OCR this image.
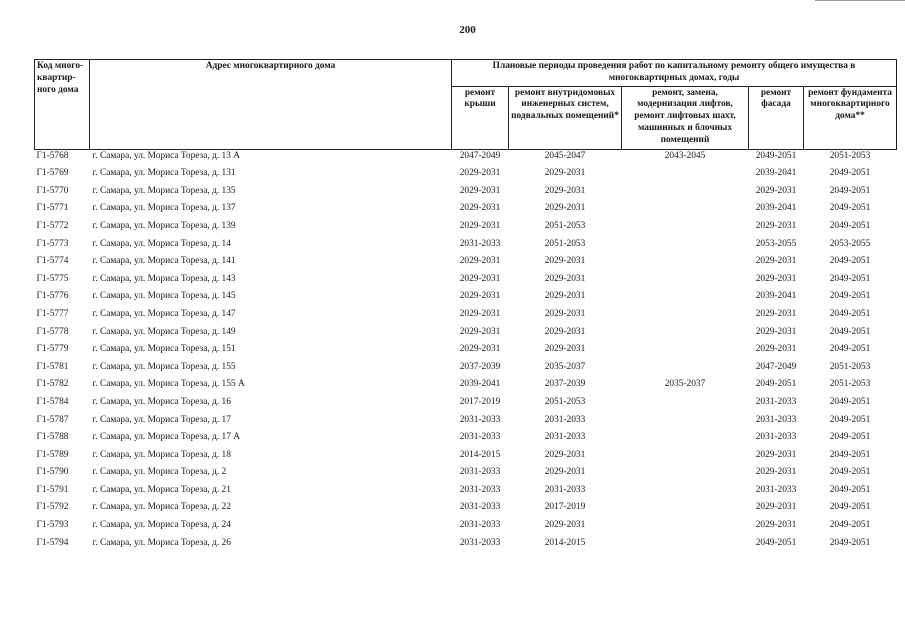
200
Код много-квартир-ного дома	Адрес многоквартирного дома	Плановые периоды проведения работ по капитальному ремонту общего имущества в многоквартирных домах, годы				
		ремонт крыши	ремонт внутридомовых инженерных систем, подвальных помещений*	ремонт, замена, модернизация лифтов, ремонт лифтовых шахт, машинных и блочных помещений	ремонт фасада	ремонт фундамента многоквартирного дома**
Г1-5768	г. Самара, ул. Мориса Тореза, д. 13 А	2047-2049	2045-2047	2043-2045	2049-2051	2051-2053
Г1-5769	г. Самара, ул. Мориса Тореза, д. 131	2029-2031	2029-2031		2039-2041	2049-2051
Г1-5770	г. Самара, ул. Мориса Тореза, д. 135	2029-2031	2029-2031		2029-2031	2049-2051
Г1-5771	г. Самара, ул. Мориса Тореза, д. 137	2029-2031	2029-2031		2039-2041	2049-2051
Г1-5772	г. Самара, ул. Мориса Тореза, д. 139	2029-2031	2051-2053		2029-2031	2049-2051
Г1-5773	г. Самара, ул. Мориса Тореза, д. 14	2031-2033	2051-2053		2053-2055	2053-2055
Г1-5774	г. Самара, ул. Мориса Тореза, д. 141	2029-2031	2029-2031		2029-2031	2049-2051
Г1-5775	г. Самара, ул. Мориса Тореза, д. 143	2029-2031	2029-2031		2029-2031	2049-2051
Г1-5776	г. Самара, ул. Мориса Тореза, д. 145	2029-2031	2029-2031		2039-2041	2049-2051
Г1-5777	г. Самара, ул. Мориса Тореза, д. 147	2029-2031	2029-2031		2029-2031	2049-2051
Г1-5778	г. Самара, ул. Мориса Тореза, д. 149	2029-2031	2029-2031		2029-2031	2049-2051
Г1-5779	г. Самара, ул. Мориса Тореза, д. 151	2029-2031	2029-2031		2029-2031	2049-2051
Г1-5781	г. Самара, ул. Мориса Тореза, д. 155	2037-2039	2035-2037		2047-2049	2051-2053
Г1-5782	г. Самара, ул. Мориса Тореза, д. 155 А	2039-2041	2037-2039	2035-2037	2049-2051	2051-2053
Г1-5784	г. Самара, ул. Мориса Тореза, д. 16	2017-2019	2051-2053		2031-2033	2049-2051
Г1-5787	г. Самара, ул. Мориса Тореза, д. 17	2031-2033	2031-2033		2031-2033	2049-2051
Г1-5788	г. Самара, ул. Мориса Тореза, д. 17 А	2031-2033	2031-2033		2031-2033	2049-2051
Г1-5789	г. Самара, ул. Мориса Тореза, д. 18	2014-2015	2029-2031		2029-2031	2049-2051
Г1-5790	г. Самара, ул. Мориса Тореза, д. 2	2031-2033	2029-2031		2029-2031	2049-2051
Г1-5791	г. Самара, ул. Мориса Тореза, д. 21	2031-2033	2031-2033		2031-2033	2049-2051
Г1-5792	г. Самара, ул. Мориса Тореза, д. 22	2031-2033	2017-2019		2029-2031	2049-2051
Г1-5793	г. Самара, ул. Мориса Тореза, д. 24	2031-2033	2029-2031		2029-2031	2049-2051
Г1-5794	г. Самара, ул. Мориса Тореза, д. 26	2031-2033	2014-2015		2049-2051	2049-2051
